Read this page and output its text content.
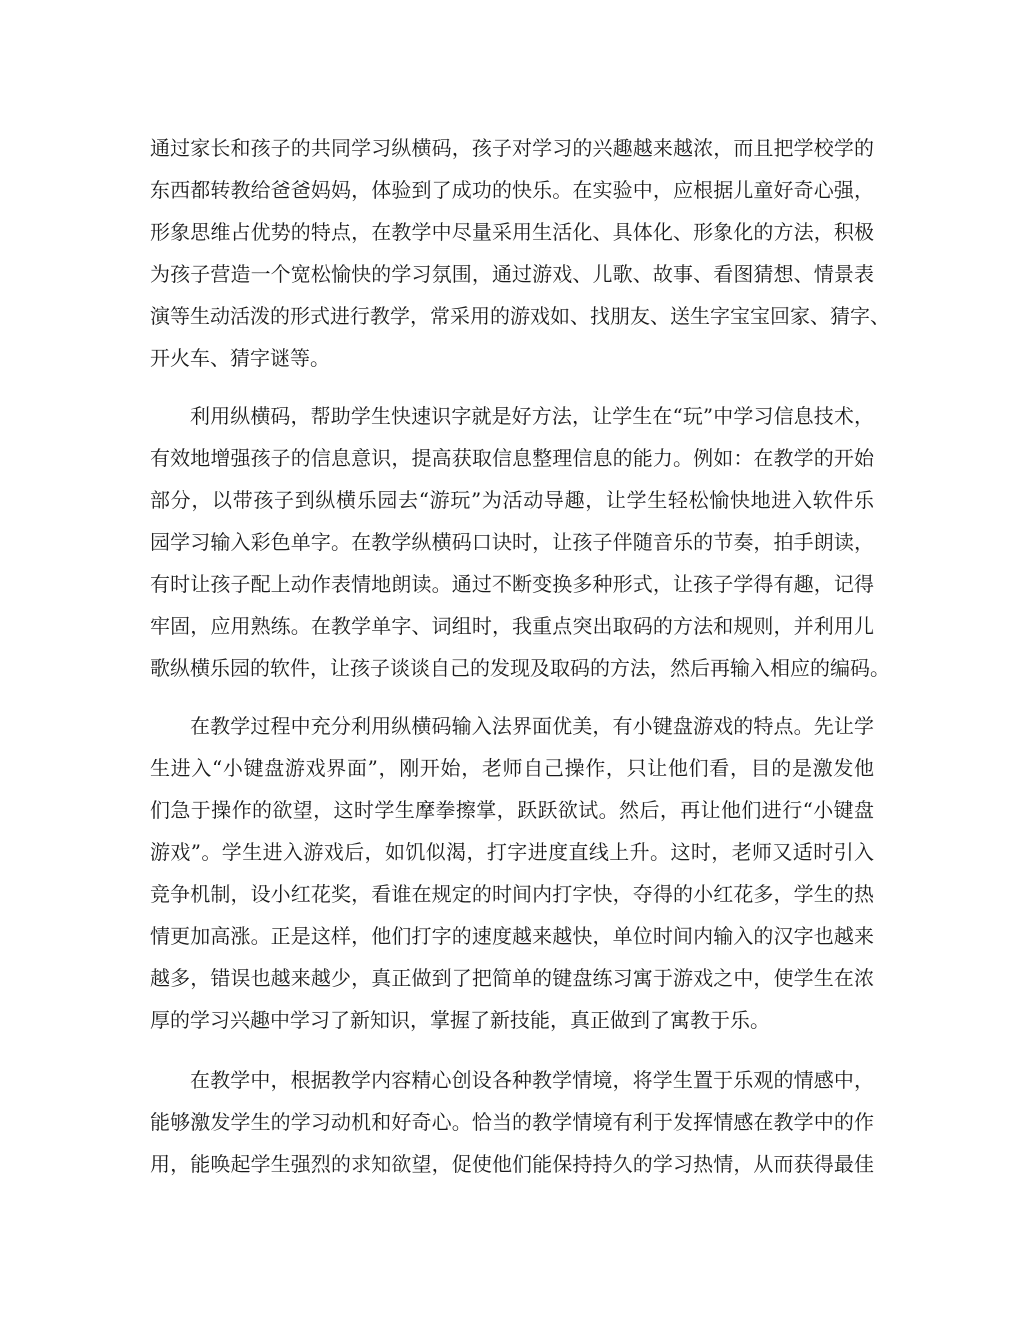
通过家长和孩子的共同学习纵横码，孩子对学习的兴趣越来越浓，而且把学校学的
东西都转教给爸爸妈妈，体验到了成功的快乐。在实验中，应根据儿童好奇心强，
形象思维占优势的特点，在教学中尽量采用生活化、具体化、形象化的方法，积极
为孩子营造一个宽松愉快的学习氛围，通过游戏、儿歌、故事、看图猜想、情景表
演等生动活泼的形式进行教学，常采用的游戏如、找朋友、送生字宝宝回家、猜字、
开火车、猜字谜等。
利用纵横码，帮助学生快速识字就是好方法，让学生在“玩”中学习信息技术，
有效地增强孩子的信息意识，提高获取信息整理信息的能力。例如：在教学的开始
部分，以带孩子到纵横乐园去“游玩”为活动导趣，让学生轻松愉快地进入软件乐
园学习输入彩色单字。在教学纵横码口诀时，让孩子伴随音乐的节奏，拍手朗读，
有时让孩子配上动作表情地朗读。通过不断变换多种形式，让孩子学得有趣，记得
牢固，应用熟练。在教学单字、词组时，我重点突出取码的方法和规则，并利用儿
歌纵横乐园的软件，让孩子谈谈自己的发现及取码的方法，然后再输入相应的编码。
在教学过程中充分利用纵横码输入法界面优美，有小键盘游戏的特点。先让学
生进入“小键盘游戏界面”，刚开始，老师自己操作，只让他们看，目的是激发他
们急于操作的欲望，这时学生摩拳擦掌，跃跃欲试。然后，再让他们进行“小键盘
游戏”。学生进入游戏后，如饥似渴，打字进度直线上升。这时，老师又适时引入
竞争机制，设小红花奖，看谁在规定的时间内打字快，夺得的小红花多，学生的热
情更加高涨。正是这样，他们打字的速度越来越快，单位时间内输入的汉字也越来
越多，错误也越来越少，真正做到了把简单的键盘练习寓于游戏之中，使学生在浓
厚的学习兴趣中学习了新知识，掌握了新技能，真正做到了寓教于乐。
在教学中，根据教学内容精心创设各种教学情境，将学生置于乐观的情感中，
能够激发学生的学习动机和好奇心。恰当的教学情境有利于发挥情感在教学中的作
用，能唤起学生强烈的求知欲望，促使他们能保持持久的学习热情，从而获得最佳
